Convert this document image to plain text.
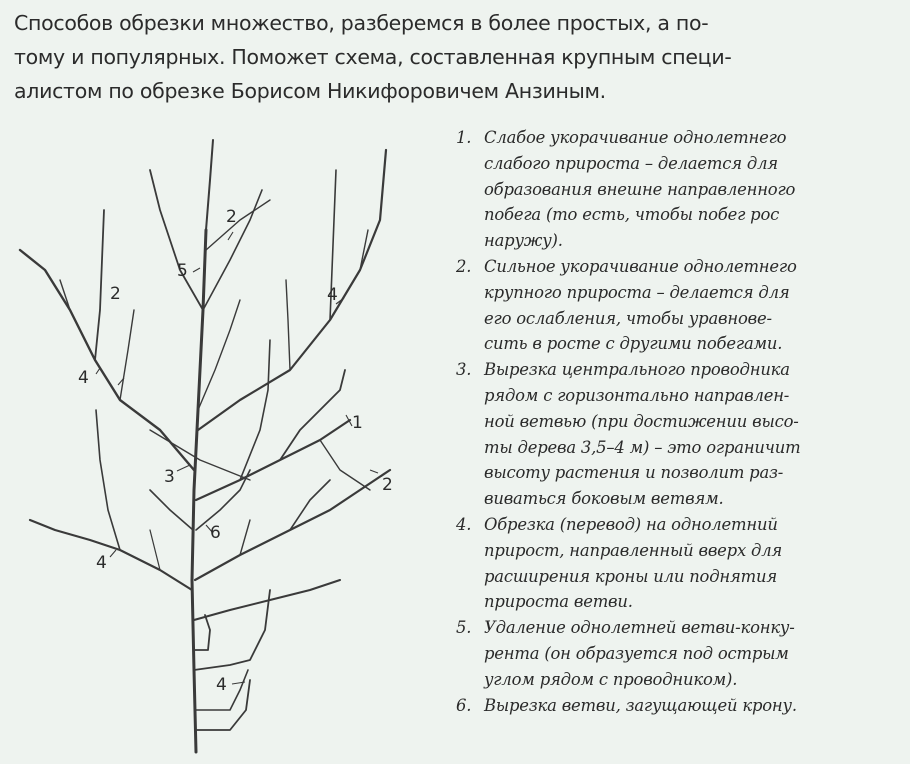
Способов обрезки множество, разберемся в более простых, а по-
тому и популярных. Поможет схема, составленная крупным специ-
алистом по обрезке Борисом Никифоровичем Анзиным.
1
2
2
2
3
4
4
4
4
5
6
1. Слабое укорачивание однолетнего
слабого прироста – делается для
образования внешне направленного
побега (то есть, чтобы побег рос
наружу).
2. Сильное укорачивание однолетнего
крупного прироста – делается для
его ослабления, чтобы уравнове-
сить в росте с другими побегами.
3. Вырезка центрального проводника
рядом с горизонтально направлен-
ной ветвью (при достижении высо-
ты дерева 3,5–4 м) – это ограничит
высоту растения и позволит раз-
виваться боковым ветвям.
4. Обрезка (перевод) на однолетний
прирост, направленный вверх для
расширения кроны или поднятия
прироста ветви.
5. Удаление однолетней ветви-конку-
рента (он образуется под острым
углом рядом с проводником).
6. Вырезка ветви, загущающей крону.
